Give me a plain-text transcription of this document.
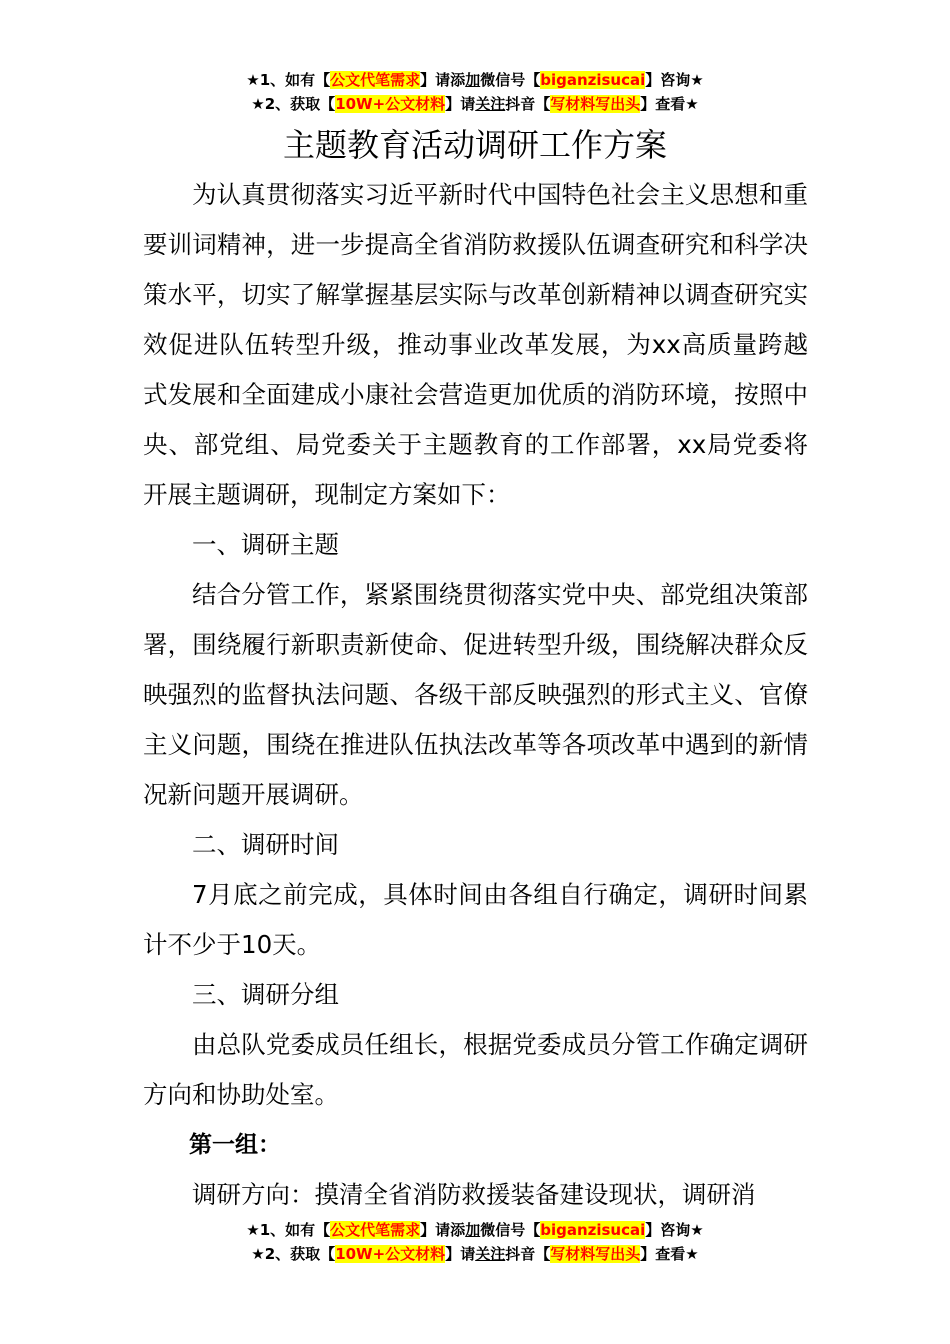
★1、如有【公文代笔需求】请添加微信号【biganzisucai】咨询★
★2、获取【10W+公文材料】请关注抖音【写材料写出头】查看★
主题教育活动调研工作方案

为认真贯彻落实习近平新时代中国特色社会主义思想和重要训词精神，进一步提高全省消防救援队伍调查研究和科学决策水平，切实了解掌握基层实际与改革创新精神以调查研究实效促进队伍转型升级，推动事业改革发展，为xx高质量跨越式发展和全面建成小康社会营造更加优质的消防环境，按照中央、部党组、局党委关于主题教育的工作部署，xx局党委将开展主题调研，现制定方案如下：

一、调研主题

结合分管工作，紧紧围绕贯彻落实党中央、部党组决策部署，围绕履行新职责新使命、促进转型升级，围绕解决群众反映强烈的监督执法问题、各级干部反映强烈的形式主义、官僚主义问题，围绕在推进队伍执法改革等各项改革中遇到的新情况新问题开展调研。

二、调研时间

7月底之前完成，具体时间由各组自行确定，调研时间累计不少于10天。

三、调研分组

由总队党委成员任组长，根据党委成员分管工作确定调研方向和协助处室。

第一组：

调研方向：摸清全省消防救援装备建设现状，调研消

★1、如有【公文代笔需求】请添加微信号【biganzisucai】咨询★
★2、获取【10W+公文材料】请关注抖音【写材料写出头】查看★
